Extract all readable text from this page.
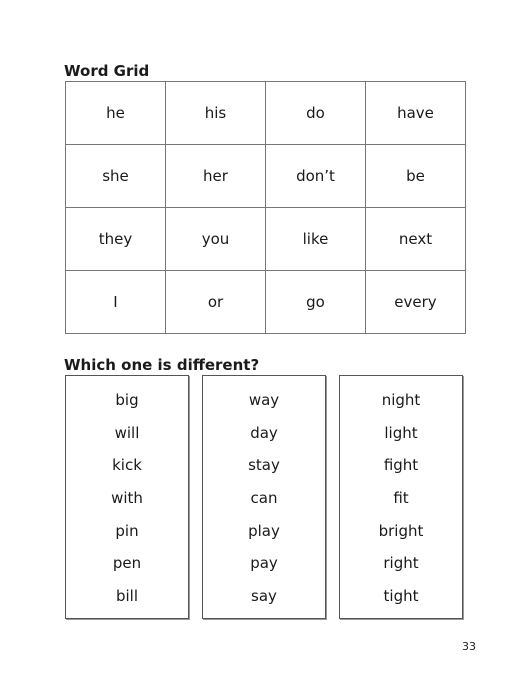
Word Grid
he	his	do	have
she	her	don’t	be
they	you	like	next
I	or	go	every
Which one is different?
big
will
kick
with
pin
pen
bill
way
day
stay
can
play
pay
say
night
light
fight
fit
bright
right
tight
33
